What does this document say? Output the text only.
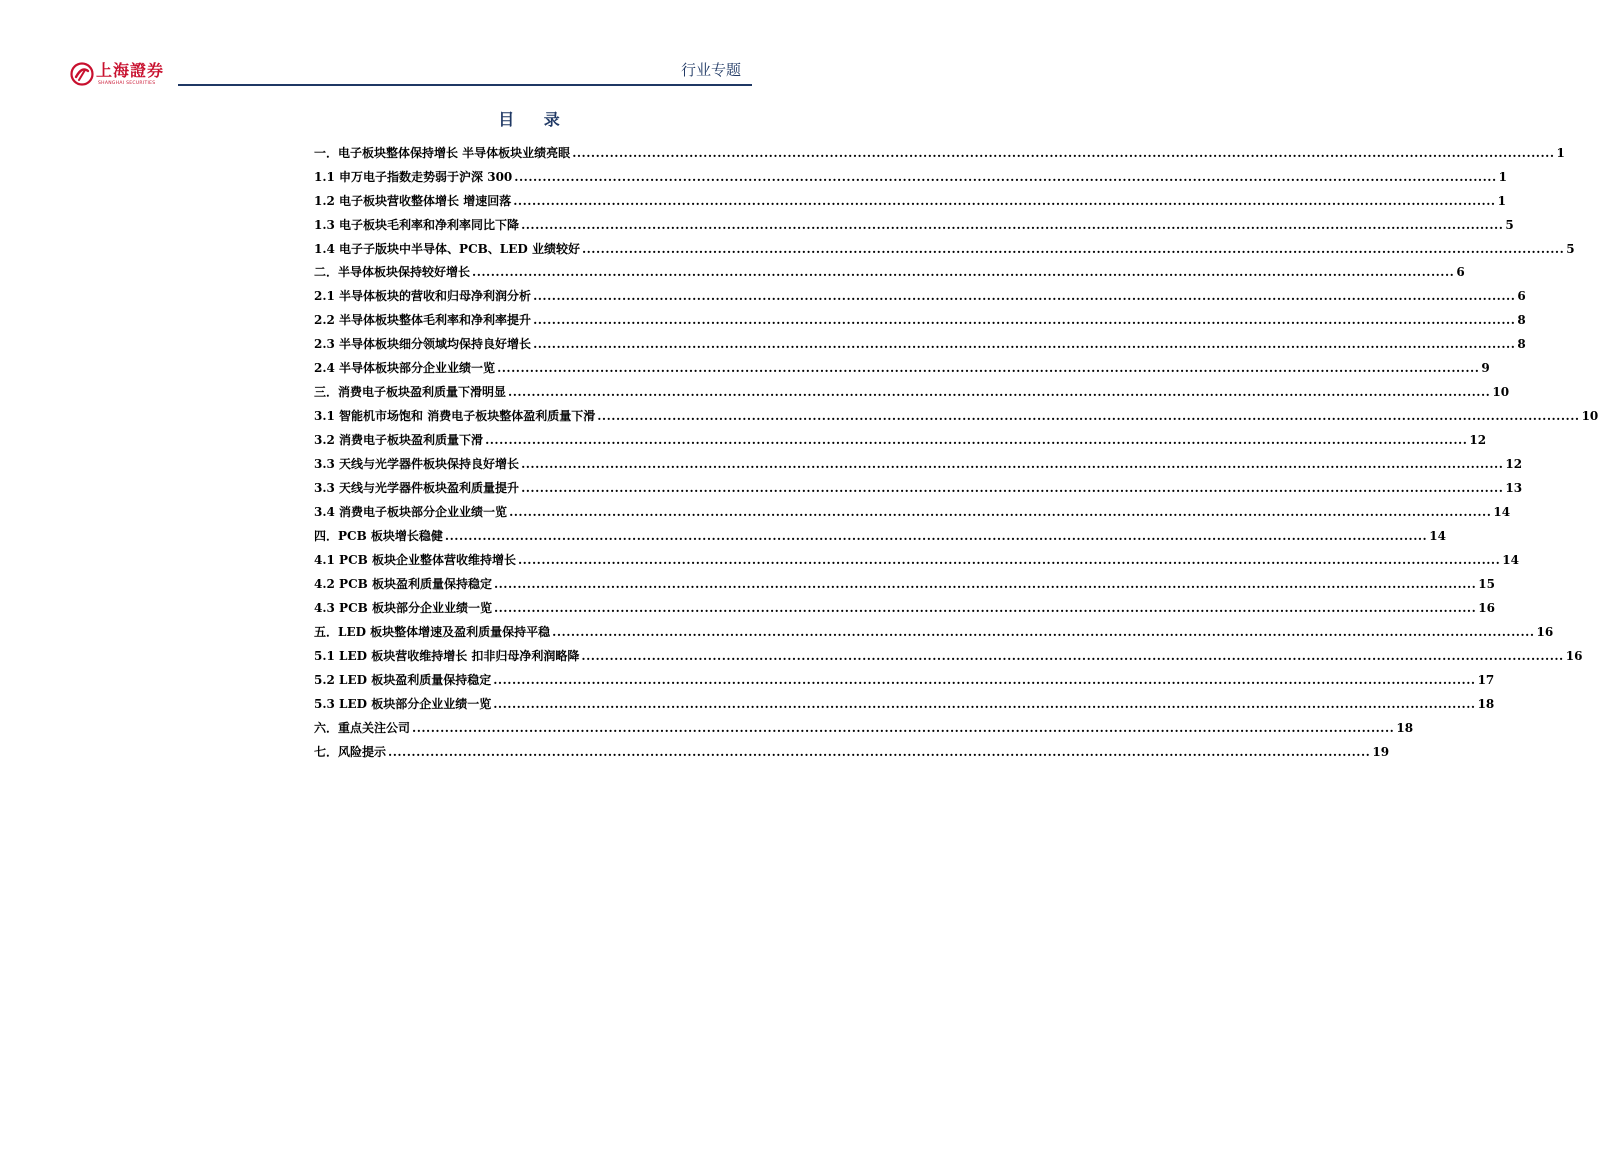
上海證券
SHANGHAI SECURITIES
行业专题
目 录
一．电子板块整体保持增长 半导体板块业绩亮眼 .....	1
1.1 申万电子指数走势弱于沪深 300 .....	1
1.2 电子板块营收整体增长 增速回落 .....	1
1.3 电子板块毛利率和净利率同比下降 .....	5
1.4 电子子版块中半导体、PCB、LED 业绩较好 .....	5
二．半导体板块保持较好增长 .....	6
2.1 半导体板块的营收和归母净利润分析 .....	6
2.2 半导体板块整体毛利率和净利率提升 .....	8
2.3 半导体板块细分领域均保持良好增长 .....	8
2.4 半导体板块部分企业业绩一览 .....	9
三．消费电子板块盈利质量下滑明显 .....	10
3.1 智能机市场饱和 消费电子板块整体盈利质量下滑 .....	10
3.2 消费电子板块盈利质量下滑 .....	12
3.3 天线与光学器件板块保持良好增长 .....	12
3.3 天线与光学器件板块盈利质量提升 .....	13
3.4 消费电子板块部分企业业绩一览 .....	14
四．PCB 板块增长稳健 .....	14
4.1 PCB 板块企业整体营收维持增长 .....	14
4.2 PCB 板块盈利质量保持稳定 .....	15
4.3 PCB 板块部分企业业绩一览 .....	16
五．LED 板块整体增速及盈利质量保持平稳 .....	16
5.1 LED 板块营收维持增长 扣非归母净利润略降 .....	16
5.2 LED 板块盈利质量保持稳定 .....	17
5.3 LED 板块部分企业业绩一览 .....	18
六．重点关注公司 .....	18
七．风险提示 .....	19
